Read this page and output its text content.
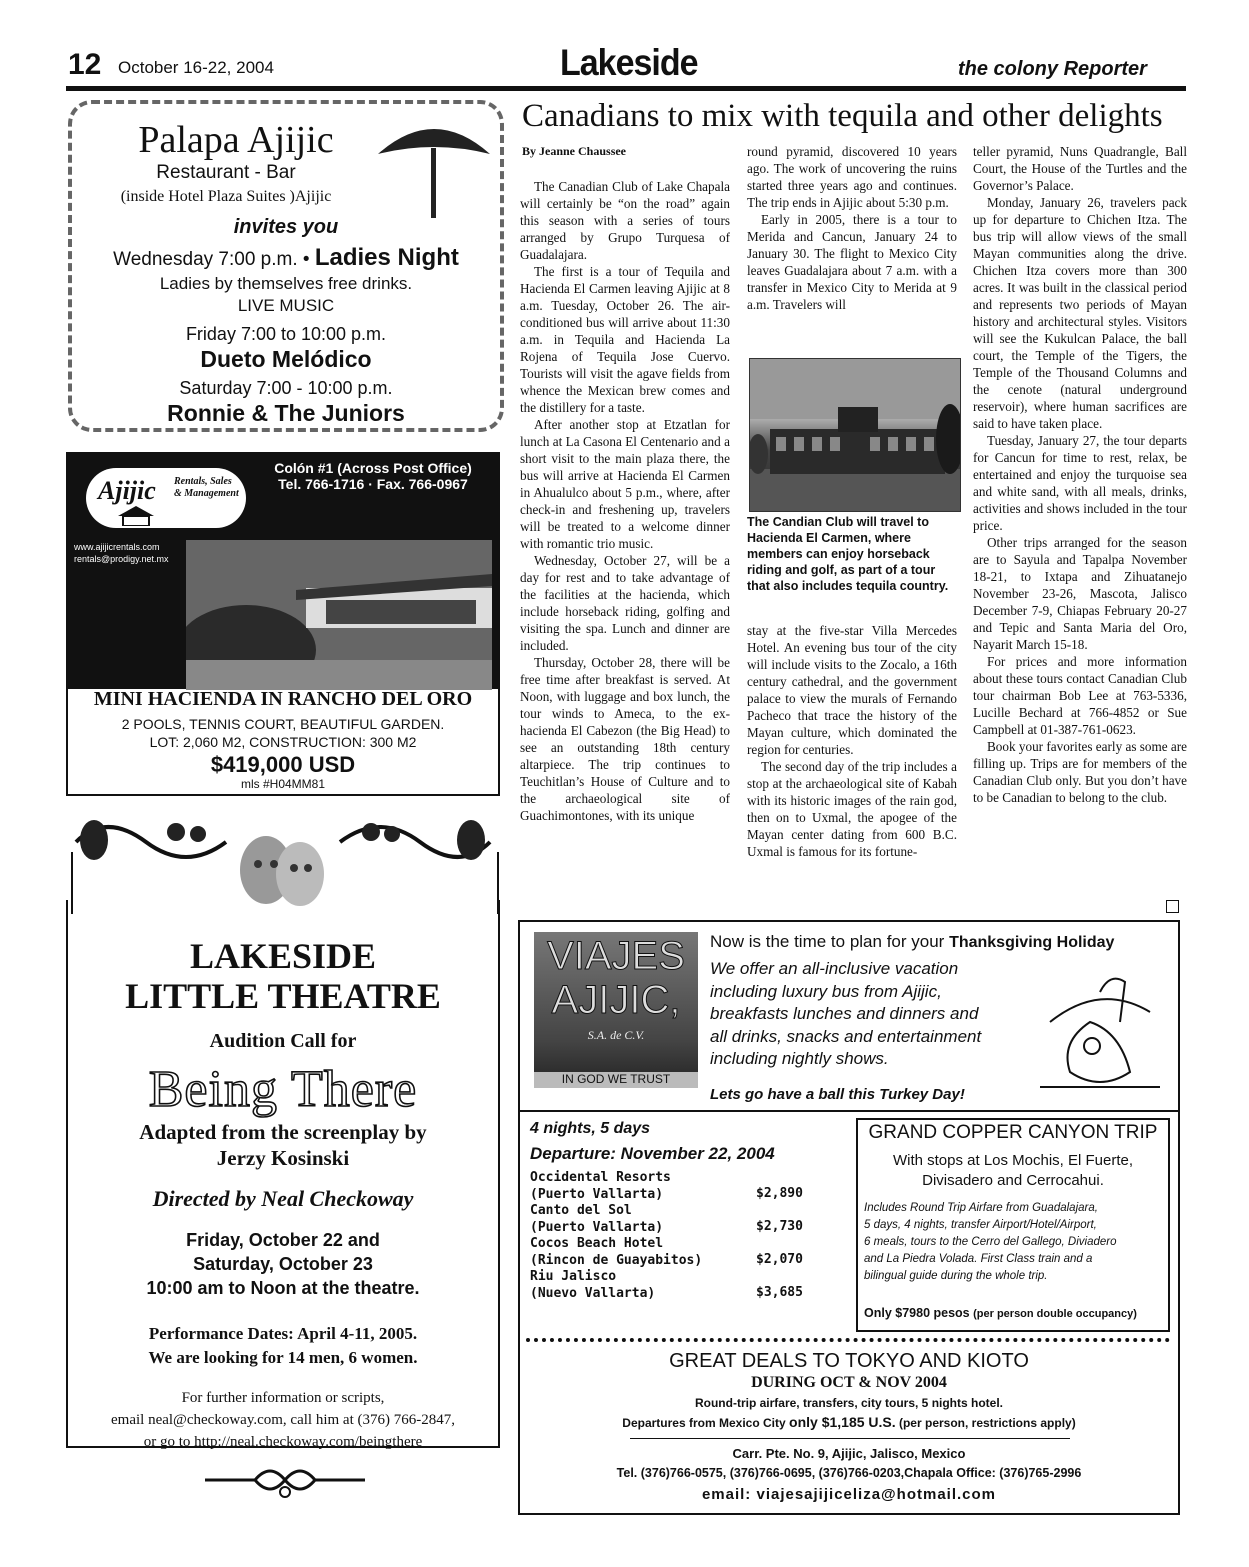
12 October 16-22, 2004	Lakeside	the colony Reporter
Canadians to mix with tequila and other delights
By Jeanne Chaussee

The Canadian Club of Lake Chapala will certainly be “on the road” again this season with a series of tours arranged by Grupo Turquesa of Guadalajara.

The first is a tour of Tequila and Hacienda El Carmen leaving Ajijic at 8 a.m. Tuesday, October 26. The air-conditioned bus will arrive about 11:30 a.m. in Tequila and Hacienda La Rojena of Tequila Jose Cuervo. Tourists will visit the agave fields from whence the Mexican brew comes and the distillery for a taste.

After another stop at Etzatlan for lunch at La Casona El Centenario and a short visit to the main plaza there, the bus will arrive at Hacienda El Carmen in Ahualulco about 5 p.m., where, after check-in and freshening up, travelers will be treated to a welcome dinner with romantic trio music.

Wednesday, October 27, will be a day for rest and to take advantage of the facilities at the hacienda, which include horseback riding, golfing and visiting the spa. Lunch and dinner are included.

Thursday, October 28, there will be free time after breakfast is served. At Noon, with luggage and box lunch, the tour winds to Ameca, to the ex-hacienda El Cabezon (the Big Head) to see an outstanding 18th century altarpiece. The trip continues to Teuchitlan’s House of Culture and to the archaeological site of Guachimontones, with its unique

round pyramid, discovered 10 years ago. The work of uncovering the ruins started three years ago and continues. The trip ends in Ajijic about 5:30 p.m.

Early in 2005, there is a tour to Merida and Cancun, January 24 to January 30. The flight to Mexico City leaves Guadalajara about 7 a.m. with a transfer in Mexico City to Merida at 9 a.m. Travelers will

The Candian Club will travel to Hacienda El Carmen, where members can enjoy horseback riding and golf, as part of a tour that also includes tequila country.

stay at the five-star Villa Mercedes Hotel. An evening bus tour of the city will include visits to the Zocalo, a 16th century cathedral, and the government palace to view the murals of Fernando Pacheco that trace the history of the Mayan culture, which dominated the region for centuries.

The second day of the trip includes a stop at the archaeological site of Kabah with its historic images of the rain god, then on to Uxmal, the apogee of the Mayan center dating from 600 B.C. Uxmal is famous for its fortune-

teller pyramid, Nuns Quadrangle, Ball Court, the House of the Turtles and the Governor’s Palace.

Monday, January 26, travelers pack up for departure to Chichen Itza. The bus trip will allow views of the small Mayan communities along the drive. Chichen Itza covers more than 300 acres. It was built in the classical period and represents two periods of Mayan history and architectural styles. Visitors will see the Kukulcan Palace, the ball court, the Temple of the Tigers, the Temple of the Thousand Columns and the cenote (natural underground reservoir), where human sacrifices are said to have taken place.

Tuesday, January 27, the tour departs for Cancun for time to rest, relax, be entertained and enjoy the turquoise sea and white sand, with all meals, drinks, activities and shows included in the tour price.

Other trips arranged for the season are to Sayula and Tapalpa November 18-21, to Ixtapa and Zihuatanejo November 23-26, Mascota, Jalisco December 7-9, Chiapas February 20-27 and Tepic and Santa Maria del Oro, Nayarit March 15-18.

For prices and more information about these tours contact Canadian Club tour chairman Bob Lee at 763-5336, Lucille Bechard at 766-4852 or Sue Campbell at 01-387-761-0623.

Book your favorites early as some are filling up. Trips are for members of the Canadian Club only. But you don’t have to be Canadian to belong to the club.

Palapa Ajijic
Restaurant - Bar
(inside Hotel Plaza Suites )Ajijic
invites you
Wednesday 7:00 p.m. • Ladies Night
Ladies by themselves free drinks.
LIVE MUSIC
Friday 7:00 to 10:00 p.m.
Dueto Melódico
Saturday 7:00 - 10:00 p.m.
Ronnie & The Juniors
Ajijic Rentals, Sales & Management
Colón #1 (Across Post Office)
Tel. 766-1716 · Fax. 766-0967
www.ajijicrentals.com
rentals@prodigy.net.mx
MINI HACIENDA IN RANCHO DEL ORO
2 POOLS, TENNIS COURT, BEAUTIFUL GARDEN.
LOT: 2,060 M2, CONSTRUCTION: 300 M2
$419,000 USD
mls #H04MM81
LAKESIDE
LITTLE THEATRE
Audition Call for
Being There
Adapted from the screenplay by
Jerzy Kosinski
Directed by Neal Checkoway
Friday, October 22 and
Saturday, October 23
10:00 am to Noon at the theatre.
Performance Dates: April 4-11, 2005.
We are looking for 14 men, 6 women.
For further information or scripts,
email neal@checkoway.com, call him at (376) 766-2847,
or go to http://neal.checkoway.com/beingthere
VIAJES
AJIJIC,
S.A. de C.V.
IN GOD WE TRUST
Now is the time to plan for your Thanksgiving Holiday
We offer an all-inclusive vacation
including luxury bus from Ajijic,
breakfasts lunches and dinners and
all drinks, snacks and entertainment
including nightly shows.
Lets go have a ball this Turkey Day!
4 nights, 5 days
Departure: November 22, 2004
Occidental Resorts
(Puerto Vallarta)	$2,890
Canto del Sol
(Puerto Vallarta)	$2,730
Cocos Beach Hotel
(Rincon de Guayabitos)	$2,070
Riu Jalisco
(Nuevo Vallarta)	$3,685
GRAND COPPER CANYON TRIP
With stops at Los Mochis, El Fuerte,
Divisadero and Cerrocahui.
Includes Round Trip Airfare from Guadalajara,
5 days, 4 nights, transfer Airport/Hotel/Airport,
6 meals, tours to the Cerro del Gallego, Diviadero
and La Piedra Volada. First Class train and a
bilingual guide during the whole trip.
Only $7980 pesos (per person double occupancy)
GREAT DEALS TO TOKYO AND KIOTO
DURING OCT & NOV 2004
Round-trip airfare, transfers, city tours, 5 nights hotel.
Departures from Mexico City only $1,185 U.S. (per person, restrictions apply)
Carr. Pte. No. 9, Ajijic, Jalisco, Mexico
Tel. (376)766-0575, (376)766-0695, (376)766-0203,Chapala Office: (376)765-2996
email: viajesajijiceliza@hotmail.com
